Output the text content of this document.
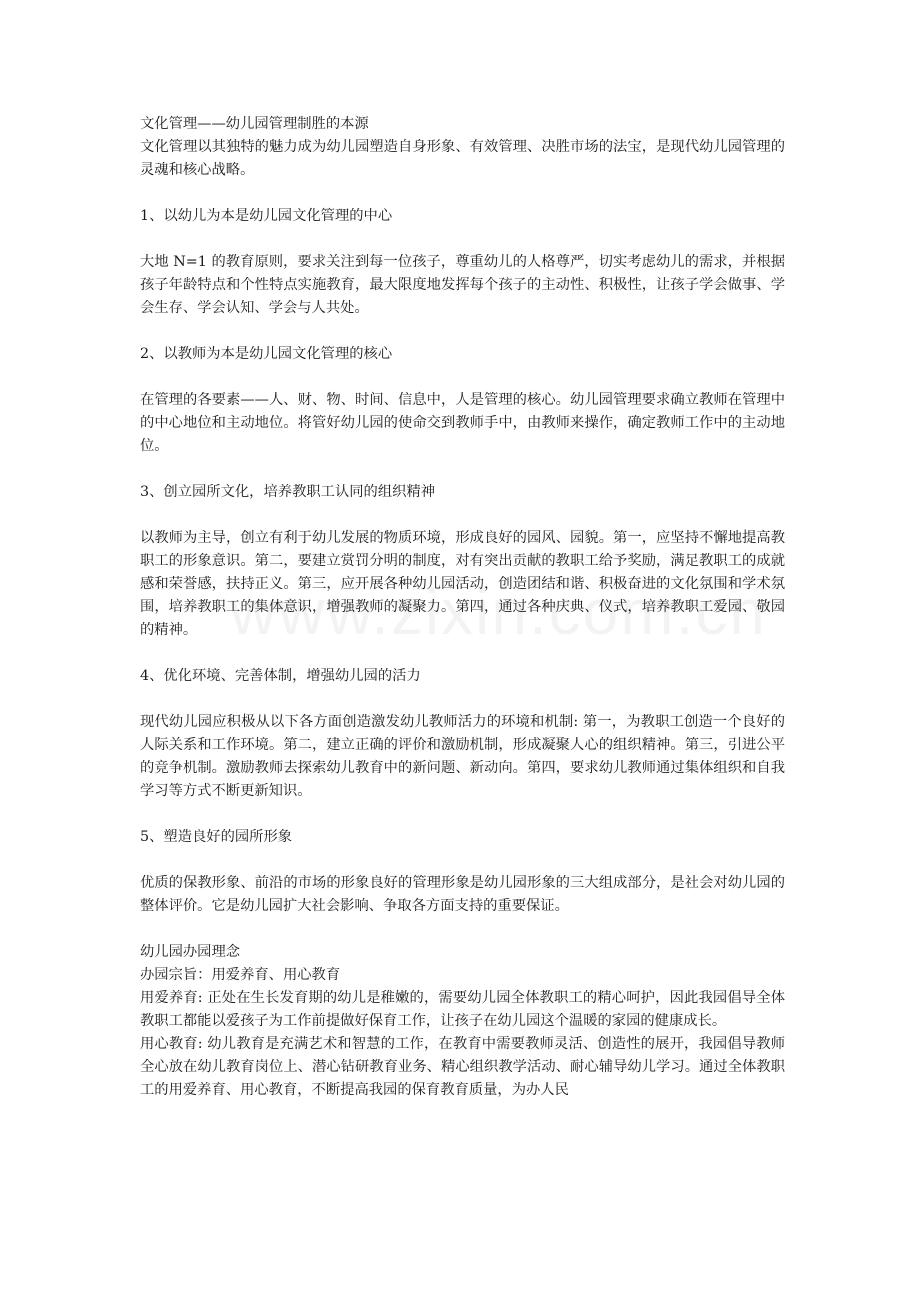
文化管理——幼儿园管理制胜的本源

文化管理以其独特的魅力成为幼儿园塑造自身形象、有效管理、决胜市场的法宝，是现代幼儿园管理的灵魂和核心战略。

1、以幼儿为本是幼儿园文化管理的中心

大地 N=1 的教育原则，要求关注到每一位孩子，尊重幼儿的人格尊严，切实考虑幼儿的需求，并根据孩子年龄特点和个性特点实施教育，最大限度地发挥每个孩子的主动性、积极性，让孩子学会做事、学会生存、学会认知、学会与人共处。

2、以教师为本是幼儿园文化管理的核心

在管理的各要素——人、财、物、时间、信息中，人是管理的核心。幼儿园管理要求确立教师在管理中的中心地位和主动地位。将管好幼儿园的使命交到教师手中，由教师来操作，确定教师工作中的主动地位。

3、创立园所文化，培养教职工认同的组织精神

以教师为主导，创立有利于幼儿发展的物质环境，形成良好的园风、园貌。第一，应坚持不懈地提高教职工的形象意识。第二，要建立赏罚分明的制度，对有突出贡献的教职工给予奖励，满足教职工的成就感和荣誉感，扶持正义。第三，应开展各种幼儿园活动，创造团结和谐、积极奋进的文化氛围和学术氛围，培养教职工的集体意识，增强教师的凝聚力。第四，通过各种庆典、仪式，培养教职工爱园、敬园的精神。

4、优化环境、完善体制，增强幼儿园的活力

现代幼儿园应积极从以下各方面创造激发幼儿教师活力的环境和机制: 第一，为教职工创造一个良好的人际关系和工作环境。第二，建立正确的评价和激励机制，形成凝聚人心的组织精神。第三，引进公平的竞争机制。激励教师去探索幼儿教育中的新问题、新动向。第四，要求幼儿教师通过集体组织和自我学习等方式不断更新知识。

5、塑造良好的园所形象

优质的保教形象、前沿的市场的形象良好的管理形象是幼儿园形象的三大组成部分，是社会对幼儿园的整体评价。它是幼儿园扩大社会影响、争取各方面支持的重要保证。

幼儿园办园理念

办园宗旨：用爱养育、用心教育

用爱养育: 正处在生长发育期的幼儿是稚嫩的，需要幼儿园全体教职工的精心呵护，因此我园倡导全体教职工都能以爱孩子为工作前提做好保育工作，让孩子在幼儿园这个温暖的家园的健康成长。

用心教育: 幼儿教育是充满艺术和智慧的工作，在教育中需要教师灵活、创造性的展开，我园倡导教师全心放在幼儿教育岗位上、潜心钻研教育业务、精心组织教学活动、耐心辅导幼儿学习。通过全体教职工的用爱养育、用心教育，不断提高我园的保育教育质量，为办人民
